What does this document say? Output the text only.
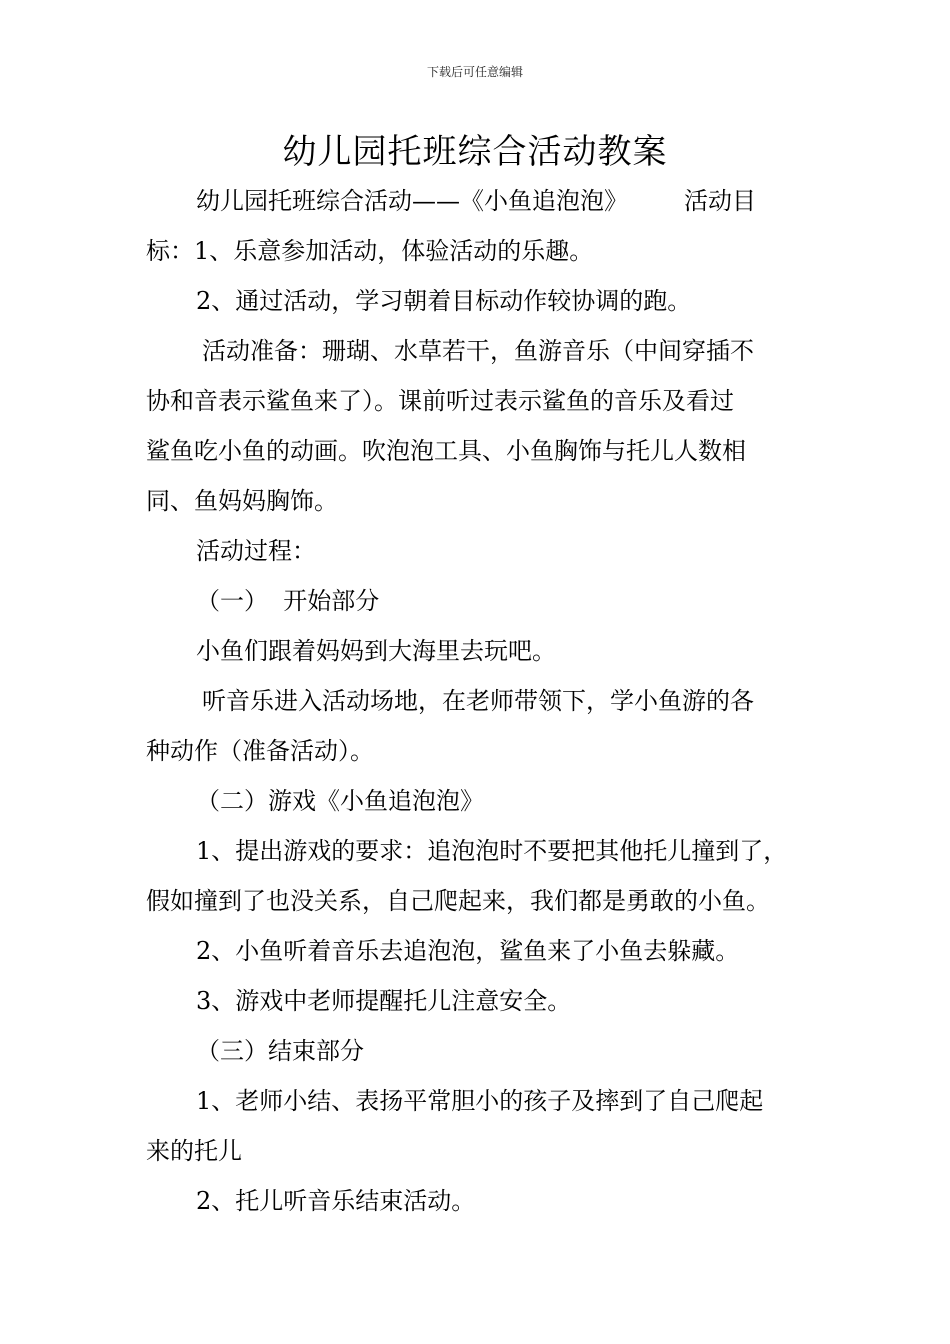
下载后可任意编辑
幼儿园托班综合活动教案

幼儿园托班综合活动——《小鱼追泡泡》 活动目

标：1、乐意参加活动，体验活动的乐趣。

2、通过活动，学习朝着目标动作较协调的跑。

活动准备：珊瑚、水草若干，鱼游音乐（中间穿插不

协和音表示鲨鱼来了）。课前听过表示鲨鱼的音乐及看过

鲨鱼吃小鱼的动画。吹泡泡工具、小鱼胸饰与托儿人数相

同、鱼妈妈胸饰。

活动过程：

（一）  开始部分

小鱼们跟着妈妈到大海里去玩吧。

听音乐进入活动场地，在老师带领下，学小鱼游的各

种动作（准备活动）。

（二）游戏《小鱼追泡泡》

1、提出游戏的要求：追泡泡时不要把其他托儿撞到了，

假如撞到了也没关系，自己爬起来，我们都是勇敢的小鱼。

2、小鱼听着音乐去追泡泡，鲨鱼来了小鱼去躲藏。

3、游戏中老师提醒托儿注意安全。

（三）结束部分

1、老师小结、表扬平常胆小的孩子及摔到了自己爬起

来的托儿

2、托儿听音乐结束活动。
